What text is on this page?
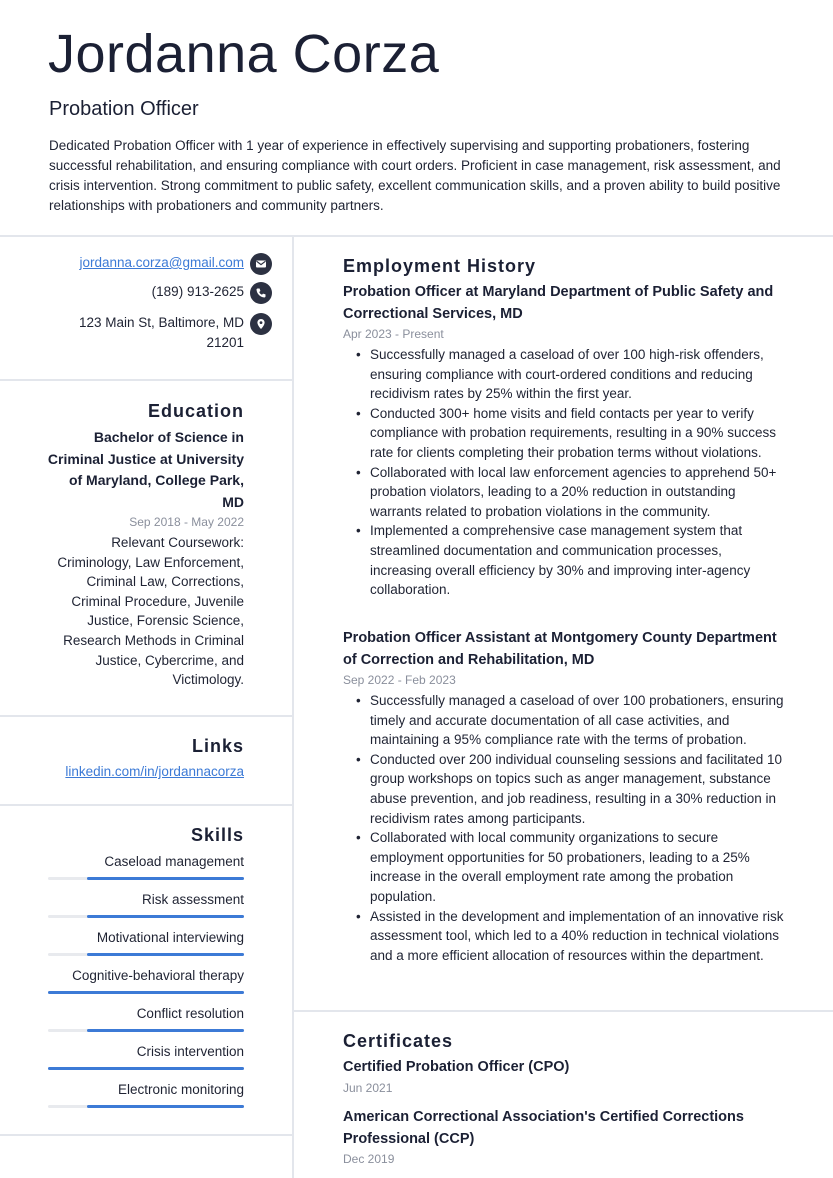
Jordanna Corza
Probation Officer
Dedicated Probation Officer with 1 year of experience in effectively supervising and supporting probationers, fostering successful rehabilitation, and ensuring compliance with court orders. Proficient in case management, risk assessment, and crisis intervention. Strong commitment to public safety, excellent communication skills, and a proven ability to build positive relationships with probationers and community partners.
jordanna.corza@gmail.com
(189) 913-2625
123 Main St, Baltimore, MD 21201
Education
Bachelor of Science in Criminal Justice at University of Maryland, College Park, MD
Sep 2018 - May 2022
Relevant Coursework: Criminology, Law Enforcement, Criminal Law, Corrections, Criminal Procedure, Juvenile Justice, Forensic Science, Research Methods in Criminal Justice, Cybercrime, and Victimology.
Links
linkedin.com/in/jordannacorza
Skills
Caseload management
Risk assessment
Motivational interviewing
Cognitive-behavioral therapy
Conflict resolution
Crisis intervention
Electronic monitoring
Employment History
Probation Officer at Maryland Department of Public Safety and Correctional Services, MD
Apr 2023 - Present
• Successfully managed a caseload of over 100 high-risk offenders, ensuring compliance with court-ordered conditions and reducing recidivism rates by 25% within the first year.
• Conducted 300+ home visits and field contacts per year to verify compliance with probation requirements, resulting in a 90% success rate for clients completing their probation terms without violations.
• Collaborated with local law enforcement agencies to apprehend 50+ probation violators, leading to a 20% reduction in outstanding warrants related to probation violations in the community.
• Implemented a comprehensive case management system that streamlined documentation and communication processes, increasing overall efficiency by 30% and improving inter-agency collaboration.
Probation Officer Assistant at Montgomery County Department of Correction and Rehabilitation, MD
Sep 2022 - Feb 2023
• Successfully managed a caseload of over 100 probationers, ensuring timely and accurate documentation of all case activities, and maintaining a 95% compliance rate with the terms of probation.
• Conducted over 200 individual counseling sessions and facilitated 10 group workshops on topics such as anger management, substance abuse prevention, and job readiness, resulting in a 30% reduction in recidivism rates among participants.
• Collaborated with local community organizations to secure employment opportunities for 50 probationers, leading to a 25% increase in the overall employment rate among the probation population.
• Assisted in the development and implementation of an innovative risk assessment tool, which led to a 40% reduction in technical violations and a more efficient allocation of resources within the department.
Certificates
Certified Probation Officer (CPO)
Jun 2021
American Correctional Association's Certified Corrections Professional (CCP)
Dec 2019
